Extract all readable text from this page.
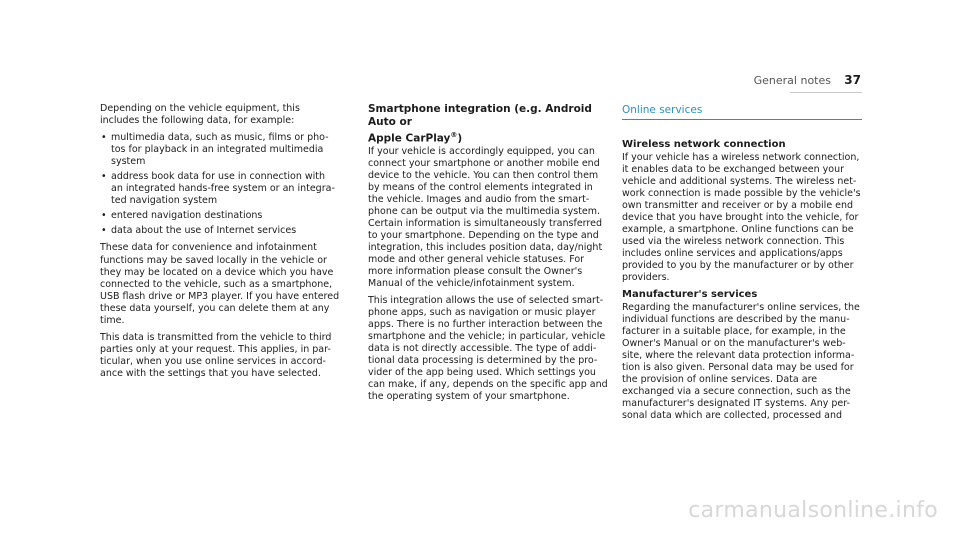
General notes 37

Depending on the vehicle equipment, this
includes the following data, for example:

• multimedia data, such as music, films or pho-
tos for playback in an integrated multimedia
system
• address book data for use in connection with
an integrated hands-free system or an integra-
ted navigation system
• entered navigation destinations
• data about the use of Internet services

These data for convenience and infotainment
functions may be saved locally in the vehicle or
they may be located on a device which you have
connected to the vehicle, such as a smartphone,
USB flash drive or MP3 player. If you have entered
these data yourself, you can delete them at any
time.

This data is transmitted from the vehicle to third
parties only at your request. This applies, in par-
ticular, when you use online services in accord-
ance with the settings that you have selected.

Smartphone integration (e.g. Android Auto or
Apple CarPlay®)

If your vehicle is accordingly equipped, you can
connect your smartphone or another mobile end
device to the vehicle. You can then control them
by means of the control elements integrated in
the vehicle. Images and audio from the smart-
phone can be output via the multimedia system.
Certain information is simultaneously transferred
to your smartphone. Depending on the type and
integration, this includes position data, day/night
mode and other general vehicle statuses. For
more information please consult the Owner's
Manual of the vehicle/infotainment system.

This integration allows the use of selected smart-
phone apps, such as navigation or music player
apps. There is no further interaction between the
smartphone and the vehicle; in particular, vehicle
data is not directly accessible. The type of addi-
tional data processing is determined by the pro-
vider of the app being used. Which settings you
can make, if any, depends on the specific app and
the operating system of your smartphone.

Online services
Wireless network connection

If your vehicle has a wireless network connection,
it enables data to be exchanged between your
vehicle and additional systems. The wireless net-
work connection is made possible by the vehicle's
own transmitter and receiver or by a mobile end
device that you have brought into the vehicle, for
example, a smartphone. Online functions can be
used via the wireless network connection. This
includes online services and applications/apps
provided to you by the manufacturer or by other
providers.

Manufacturer's services

Regarding the manufacturer's online services, the
individual functions are described by the manu-
facturer in a suitable place, for example, in the
Owner's Manual or on the manufacturer's web-
site, where the relevant data protection informa-
tion is also given. Personal data may be used for
the provision of online services. Data are
exchanged via a secure connection, such as the
manufacturer's designated IT systems. Any per-
sonal data which are collected, processed and

carmanualsonline.info
